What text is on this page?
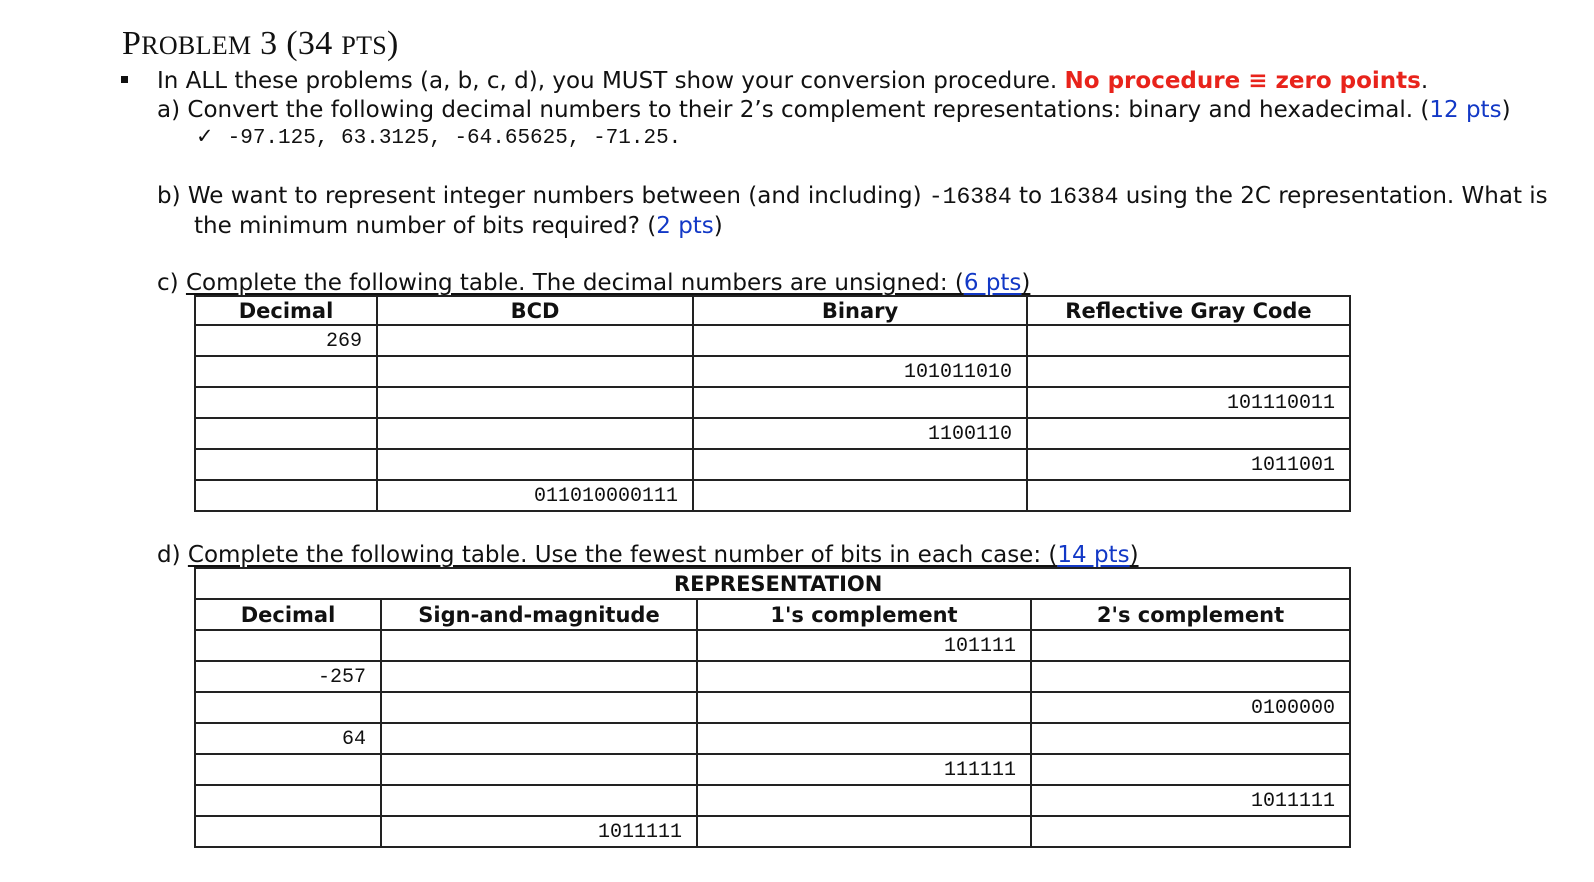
PROBLEM 3 (34 PTS)
In ALL these problems (a, b, c, d), you MUST show your conversion procedure. No procedure ≡ zero points.
a) Convert the following decimal numbers to their 2’s complement representations: binary and hexadecimal. (12 pts)
✓ -97.125, 63.3125, -64.65625, -71.25.
b) We want to represent integer numbers between (and including) -16384 to 16384 using the 2C representation. What is
the minimum number of bits required? (2 pts)
c) Complete the following table. The decimal numbers are unsigned: (6 pts)
Decimal	BCD	Binary	Reflective Gray Code
269			
		101011010	
			101110011
		1100110	
			1011001
	011010000111		
d) Complete the following table. Use the fewest number of bits in each case: (14 pts)
REPRESENTATION			
Decimal	Sign-and-magnitude	1's complement	2's complement
		101111	
-257			
			0100000
64			
		111111	
			1011111
	1011111		
